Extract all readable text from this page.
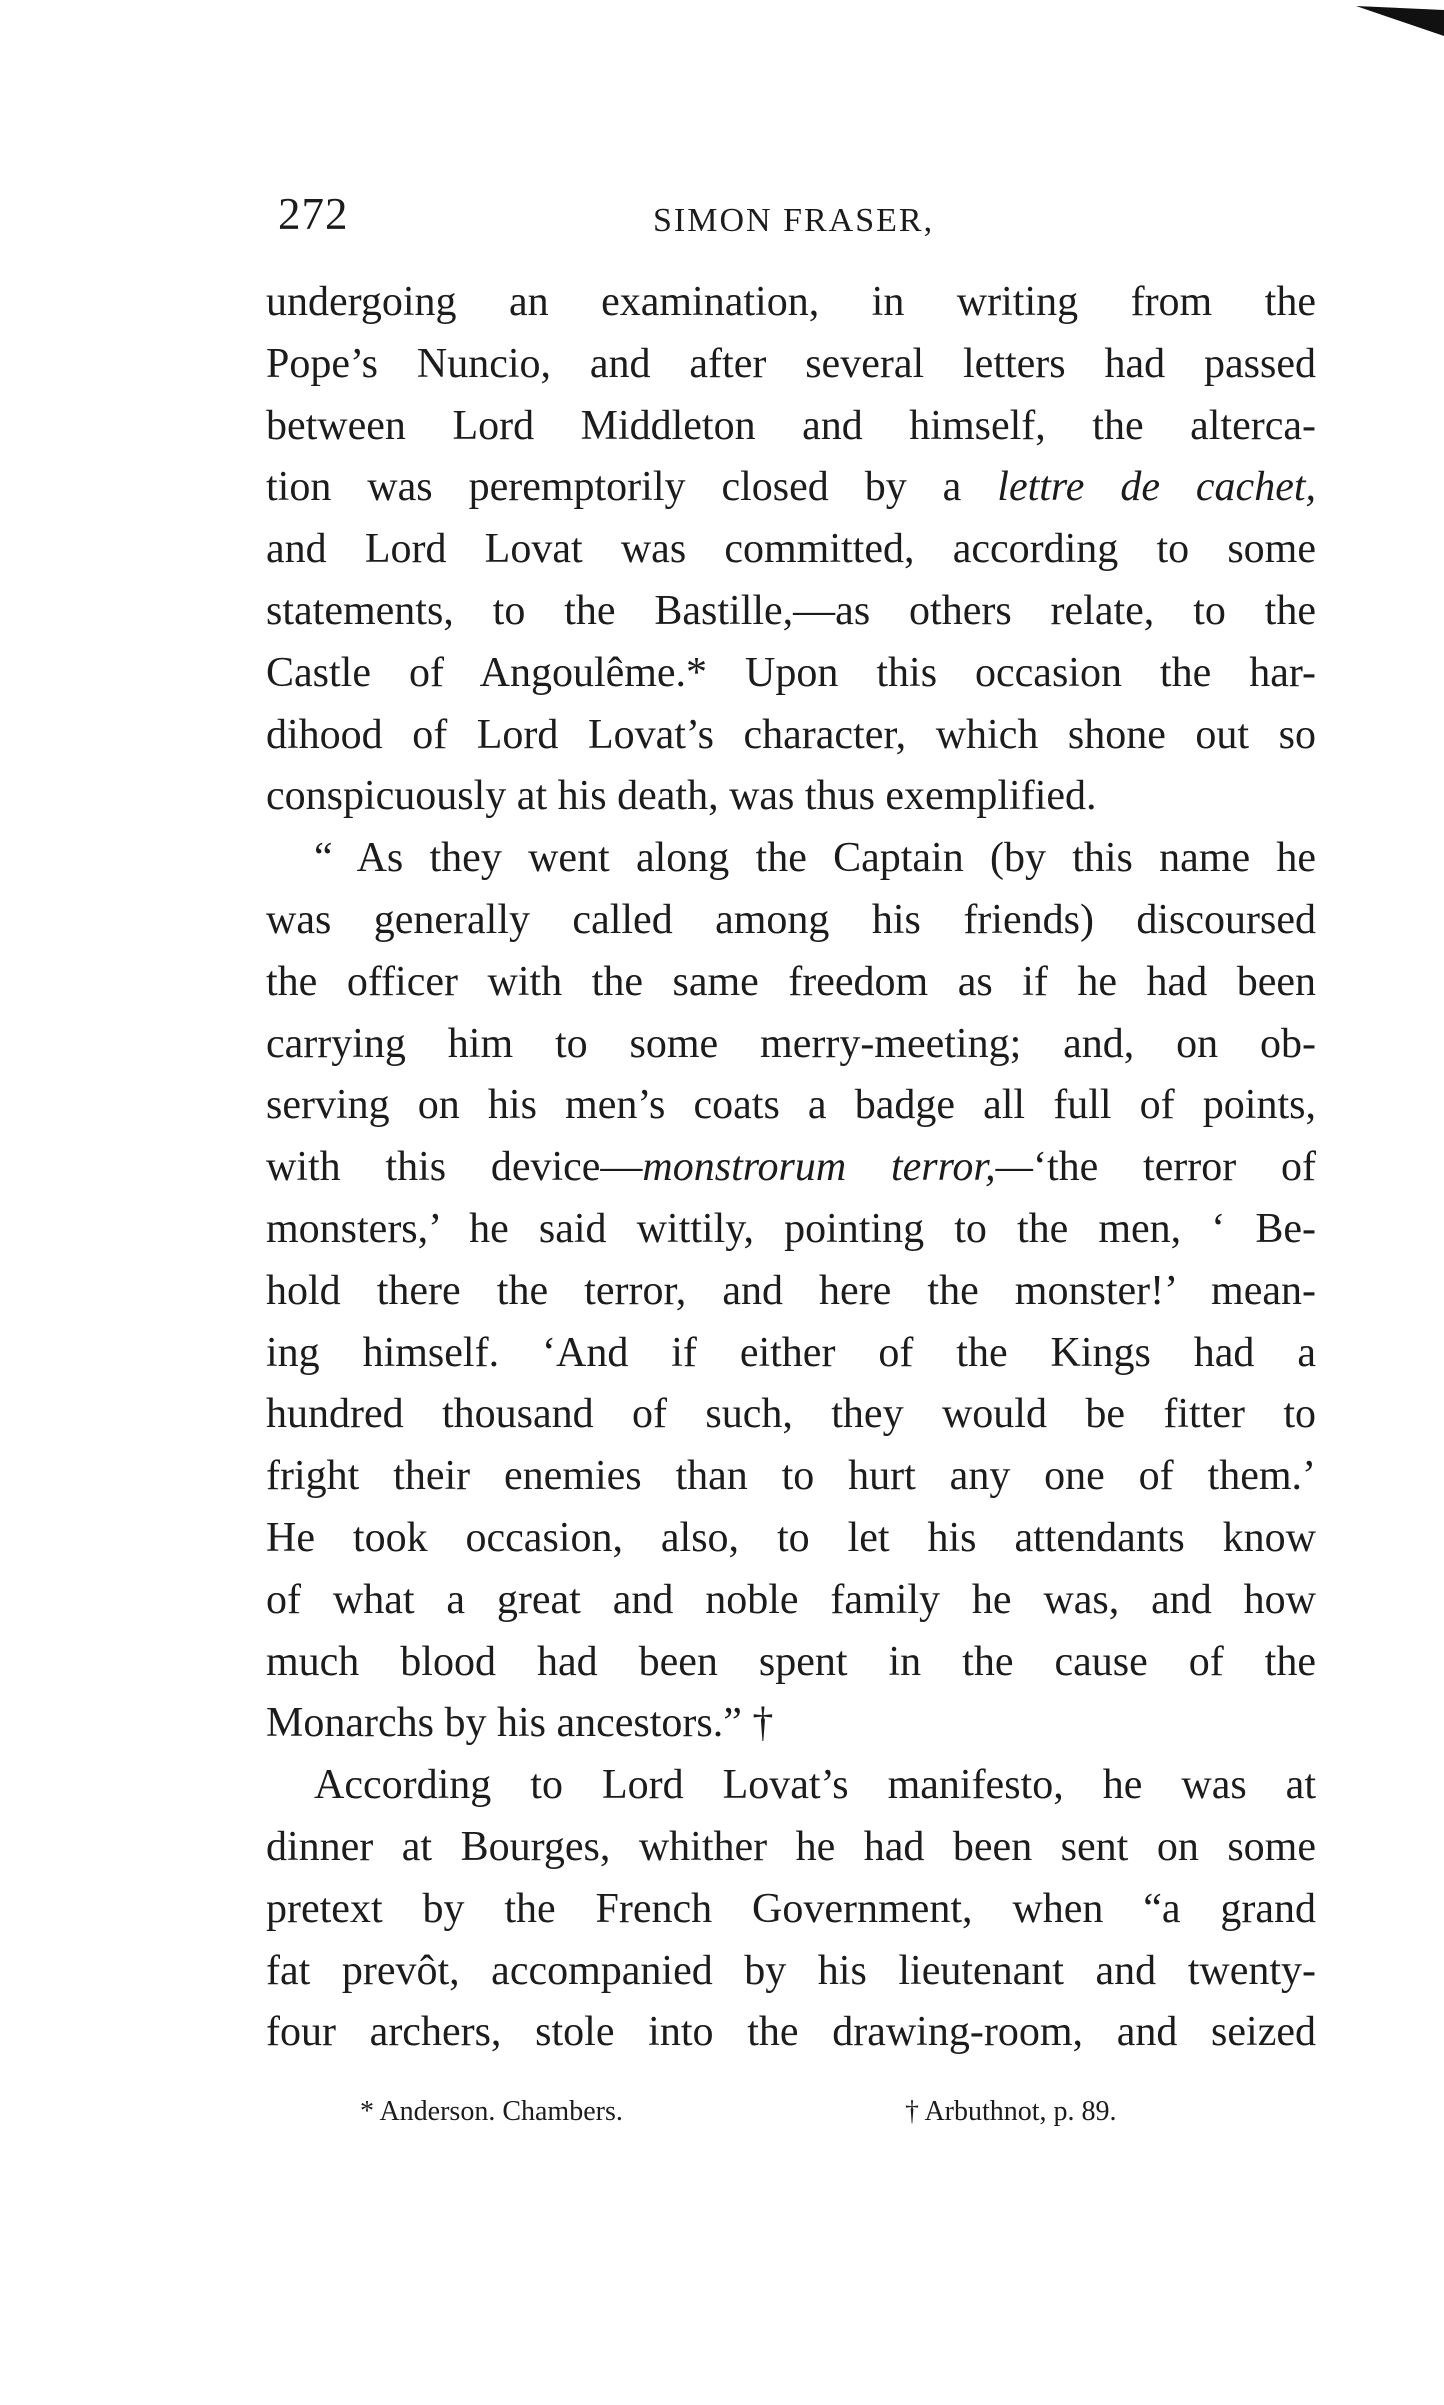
272	SIMON FRASER,
undergoing an examination, in writing from the
Pope’s Nuncio, and after several letters had passed
between Lord Middleton and himself, the alterca-
tion was peremptorily closed by a lettre de cachet,
and Lord Lovat was committed, according to some
statements, to the Bastille,—as others relate, to the
Castle of Angoulême.* Upon this occasion the har-
dihood of Lord Lovat’s character, which shone out so
conspicuously at his death, was thus exemplified.
“ As they went along the Captain (by this name he
was generally called among his friends) discoursed
the officer with the same freedom as if he had been
carrying him to some merry-meeting; and, on ob-
serving on his men’s coats a badge all full of points,
with this device—monstrorum terror,—‘the terror of
monsters,’ he said wittily, pointing to the men, ‘ Be-
hold there the terror, and here the monster!’ mean-
ing himself. ‘And if either of the Kings had a
hundred thousand of such, they would be fitter to
fright their enemies than to hurt any one of them.’
He took occasion, also, to let his attendants know
of what a great and noble family he was, and how
much blood had been spent in the cause of the
Monarchs by his ancestors.” †
According to Lord Lovat’s manifesto, he was at
dinner at Bourges, whither he had been sent on some
pretext by the French Government, when “a grand
fat prevôt, accompanied by his lieutenant and twenty-
four archers, stole into the drawing-room, and seized
* Anderson. Chambers.	† Arbuthnot, p. 89.
